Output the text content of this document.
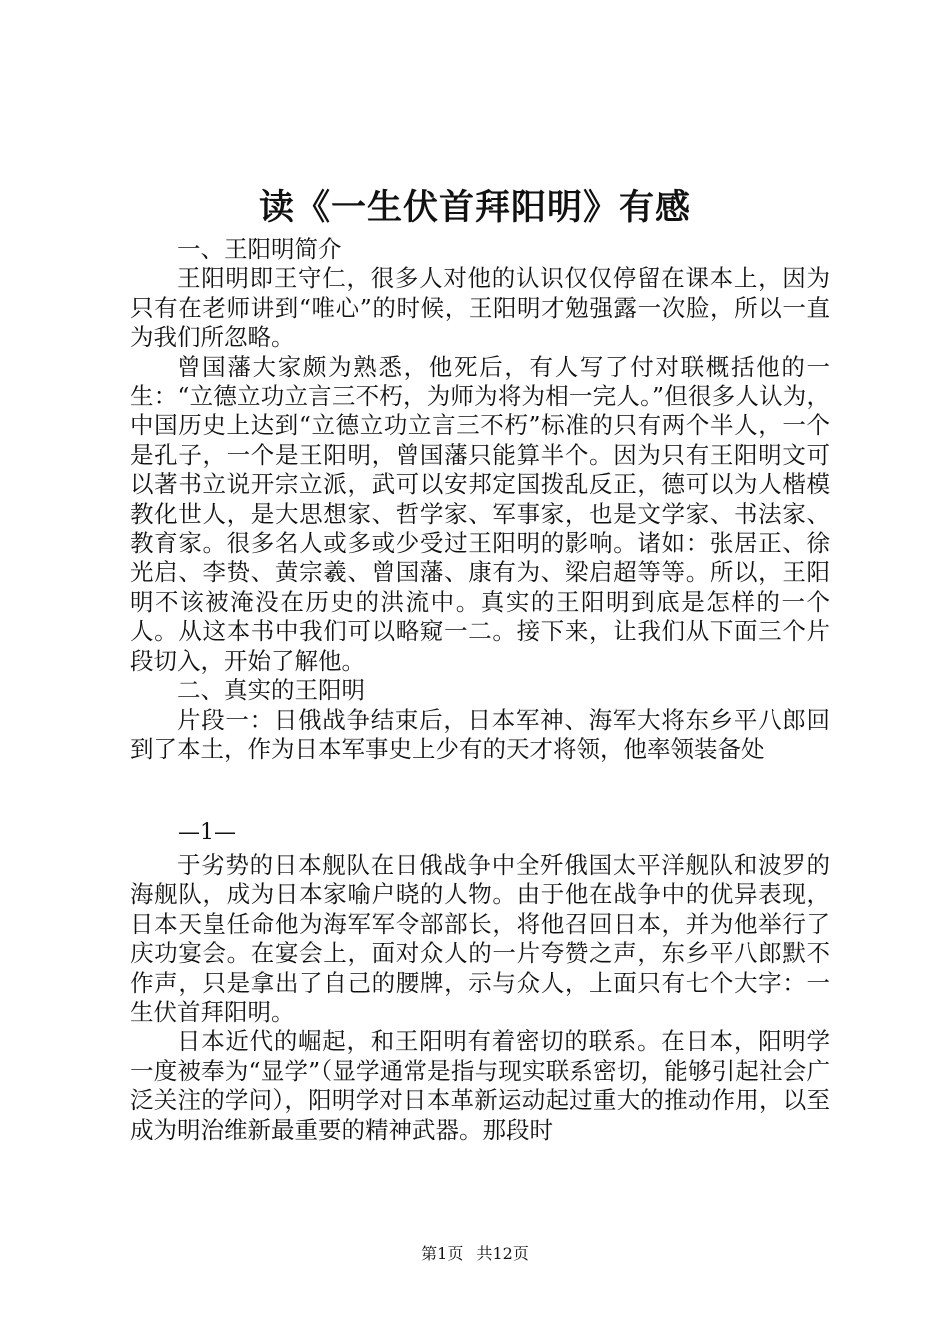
读《一生伏首拜阳明》有感

一、王阳明简介

王阳明即王守仁，很多人对他的认识仅仅停留在课本上，因为只有在老师讲到“唯心”的时候，王阳明才勉强露一次脸，所以一直为我们所忽略。

曾国藩大家颇为熟悉，他死后，有人写了付对联概括他的一生：“立德立功立言三不朽，为师为将为相一完人。”但很多人认为，中国历史上达到“立德立功立言三不朽”标准的只有两个半人，一个是孔子，一个是王阳明，曾国藩只能算半个。因为只有王阳明文可以著书立说开宗立派，武可以安邦定国拨乱反正，德可以为人楷模教化世人，是大思想家、哲学家、军事家，也是文学家、书法家、教育家。很多名人或多或少受过王阳明的影响。诸如：张居正、徐光启、李贽、黄宗羲、曾国藩、康有为、梁启超等等。所以，王阳明不该被淹没在历史的洪流中。真实的王阳明到底是怎样的一个人。从这本书中我们可以略窥一二。接下来，让我们从下面三个片段切入，开始了解他。

二、真实的王阳明

片段一：日俄战争结束后，日本军神、海军大将东乡平八郎回到了本土，作为日本军事史上少有的天才将领，他率领装备处

—1—

于劣势的日本舰队在日俄战争中全歼俄国太平洋舰队和波罗的海舰队，成为日本家喻户晓的人物。由于他在战争中的优异表现，日本天皇任命他为海军军令部部长，将他召回日本，并为他举行了庆功宴会。在宴会上，面对众人的一片夸赞之声，东乡平八郎默不作声，只是拿出了自己的腰牌，示与众人，上面只有七个大字：一生伏首拜阳明。

日本近代的崛起，和王阳明有着密切的联系。在日本，阳明学一度被奉为“显学”（显学通常是指与现实联系密切，能够引起社会广泛关注的学问），阳明学对日本革新运动起过重大的推动作用，以至成为明治维新最重要的精神武器。那段时

第1页 共12页
